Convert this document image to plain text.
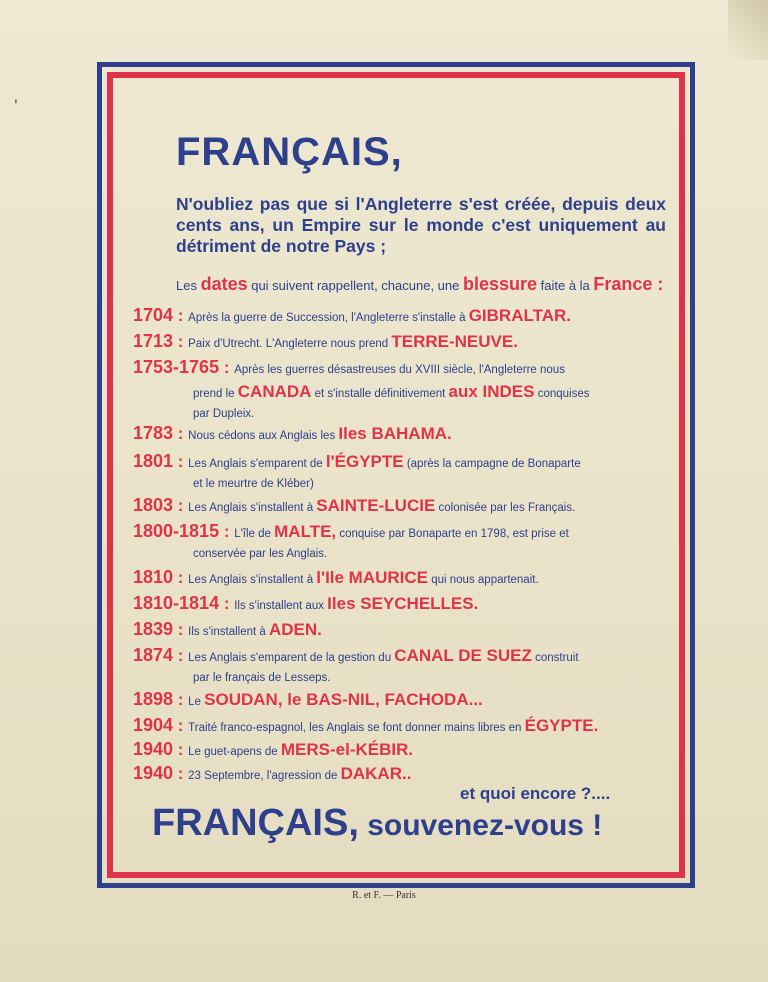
'
FRANÇAIS,

N'oubliez pas que si l'Angleterre s'est créée, depuis deux cents ans, un Empire sur le monde c'est uniquement au détriment de notre Pays ;

Les dates qui suivent rappellent, chacune, une blessure faite à la France :
1704 : Après la guerre de Succession, l'Angleterre s'installe à GIBRALTAR.
1713 : Paix d'Utrecht. L'Angleterre nous prend TERRE-NEUVE.
1753-1765 : Après les guerres désastreuses du XVIII siècle, l'Angleterre nous
prend le CANADA et s'installe définitivement aux INDES conquises
par Dupleix.
1783 : Nous cédons aux Anglais les Iles BAHAMA.
1801 : Les Anglais s'emparent de l'ÉGYPTE (après la campagne de Bonaparte
et le meurtre de Kléber)
1803 : Les Anglais s'installent à SAINTE-LUCIE colonisée par les Français.
1800-1815 : L'île de MALTE, conquise par Bonaparte en 1798, est prise et
conservée par les Anglais.
1810 : Les Anglais s'installent à l'Ile MAURICE qui nous appartenait.
1810-1814 : Ils s'installent aux Iles SEYCHELLES.
1839 : Ils s'installent à ADEN.
1874 : Les Anglais s'emparent de la gestion du CANAL DE SUEZ construit
par le français de Lesseps.
1898 : Le SOUDAN, le BAS-NIL, FACHODA...
1904 : Traité franco-espagnol, les Anglais se font donner mains libres en ÉGYPTE.
1940 : Le guet-apens de MERS-el-KÉBIR.
1940 : 23 Septembre, l'agression de DAKAR..
et quoi encore ?....

FRANÇAIS, souvenez-vous !

R. et F. — Paris
